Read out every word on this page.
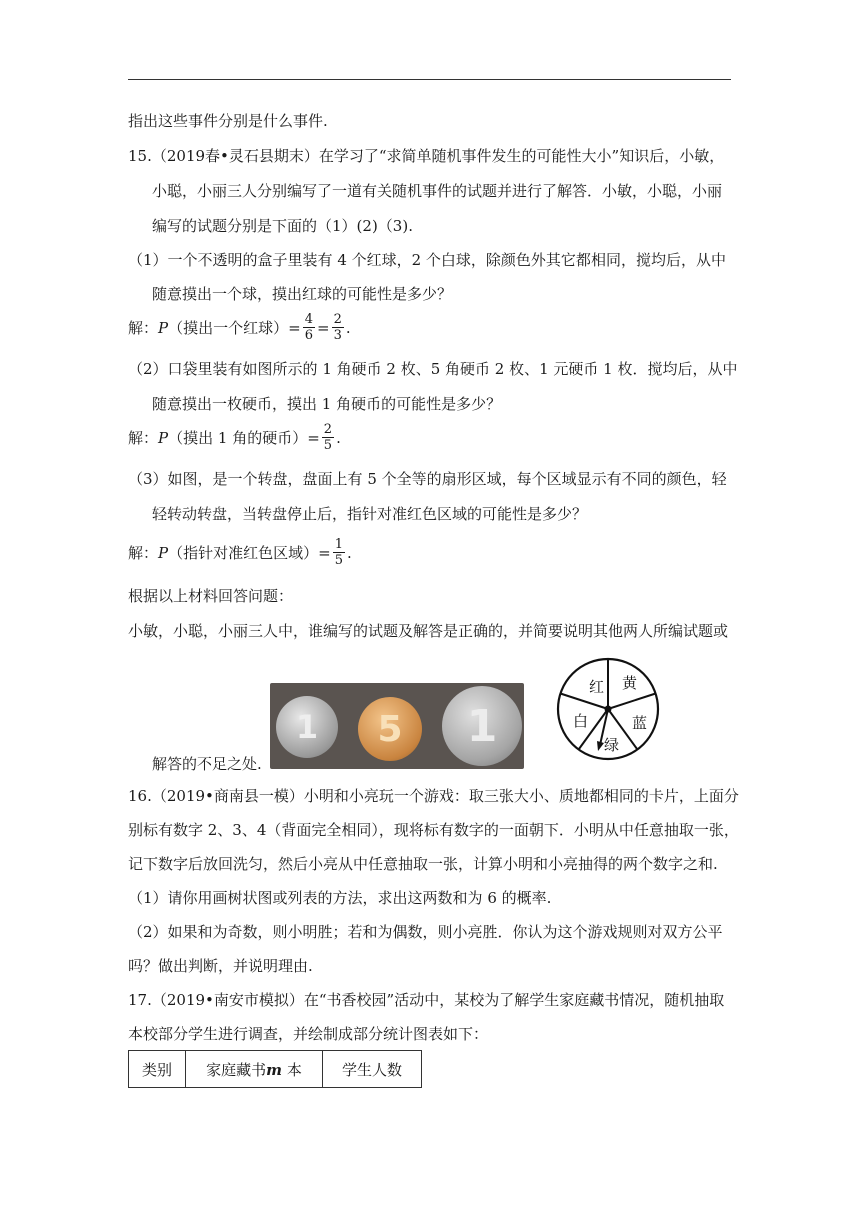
指出这些事件分别是什么事件.
15.（2019春•灵石县期末）在学习了“求简单随机事件发生的可能性大小”知识后，小敏，
小聪，小丽三人分别编写了一道有关随机事件的试题并进行了解答．小敏，小聪，小丽
编写的试题分别是下面的（1）(2)（3).
（1）一个不透明的盒子里装有 4 个红球，2 个白球，除颜色外其它都相同，搅均后，从中
随意摸出一个球，摸出红球的可能性是多少？
解：P（摸出一个红球）= $\frac{4}{6} = \frac{2}{3}$ .
（2）口袋里装有如图所示的 1 角硬币 2 枚、5 角硬币 2 枚、1 元硬币 1 枚．搅均后，从中
随意摸出一枚硬币，摸出 1 角硬币的可能性是多少？
解：P（摸出 1 角的硬币）= $\frac{2}{5}$ .
（3）如图，是一个转盘，盘面上有 5 个全等的扇形区域，每个区域显示有不同的颜色，轻
轻转动转盘，当转盘停止后，指针对准红色区域的可能性是多少？
解：P（指针对准红色区域）= $\frac{1}{5}$ .
根据以上材料回答问题：
小敏，小聪，小丽三人中，谁编写的试题及解答是正确的，并简要说明其他两人所编试题或
1	5	1
红 黄
白	蓝
绿
解答的不足之处.
16.（2019•商南县一模）小明和小亮玩一个游戏：取三张大小、质地都相同的卡片，上面分
别标有数字 2、3、4（背面完全相同），现将标有数字的一面朝下．小明从中任意抽取一张，
记下数字后放回洗匀，然后小亮从中任意抽取一张，计算小明和小亮抽得的两个数字之和.
（1）请你用画树状图或列表的方法，求出这两数和为 6 的概率.
（2）如果和为奇数，则小明胜；若和为偶数，则小亮胜．你认为这个游戏规则对双方公平
吗？做出判断，并说明理由.
17.（2019•南安市模拟）在“书香校园”活动中，某校为了解学生家庭藏书情况，随机抽取
本校部分学生进行调查，并绘制成部分统计图表如下：
类别	家庭藏书m 本	学生人数
